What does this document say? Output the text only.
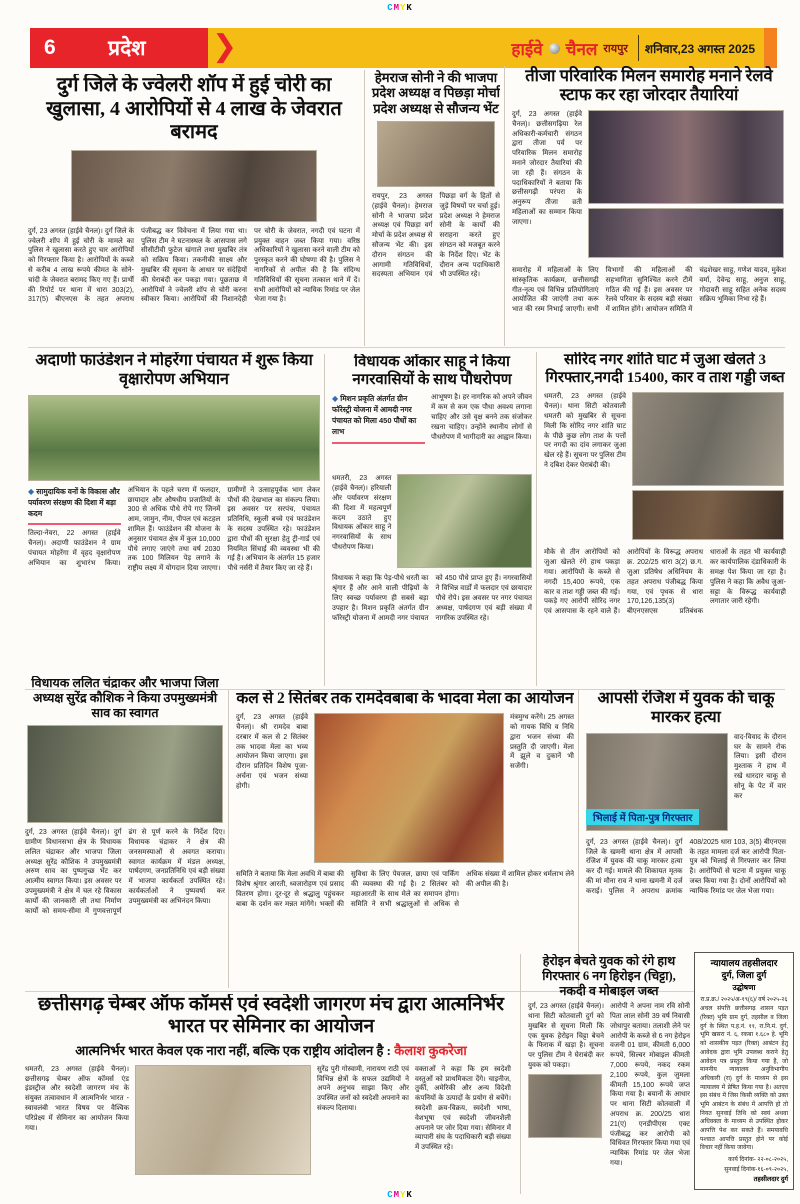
CMYK
6 प्रदेश	❯	हाईवे चैनल रायपुर शनिवार,23 अगस्त 2025
दुर्ग जिले के ज्वेलरी शॉप में हुई चोरी का खुलासा, 4 आरोपियों से 4 लाख के जेवरात बरामद
दुर्ग, 23 अगस्त (हाईवे चैनल)। दुर्ग जिले के ज्वेलरी शॉप में हुई चोरी के मामले का पुलिस ने खुलासा करते हुए चार आरोपियों को गिरफ्तार किया है। आरोपियों के कब्जे से करीब 4 लाख रूपये कीमत के सोने-चांदी के जेवरात बरामद किए गए हैं। प्रार्थी की रिपोर्ट पर थाना में धारा 303(2), 317(5) बीएनएस के तहत अपराध पंजीबद्ध कर विवेचना में लिया गया था। पुलिस टीम ने घटनास्थल के आसपास लगे सीसीटीवी फुटेज खंगाले तथा मुखबिर तंत्र को सक्रिय किया। तकनीकी साक्ष्य और मुखबिर की सूचना के आधार पर संदेहियों की घेराबंदी कर पकड़ा गया। पूछताछ में आरोपियों ने ज्वेलरी शॉप से चोरी करना स्वीकार किया। आरोपियों की निशानदेही पर चोरी के जेवरात, नगदी एवं घटना में प्रयुक्त वाहन जब्त किया गया। वरिष्ठ अधिकारियों ने खुलासा करने वाली टीम को पुरस्कृत करने की घोषणा की है। पुलिस ने नागरिकों से अपील की है कि संदिग्ध गतिविधियों की सूचना तत्काल थाने में दें। सभी आरोपियों को न्यायिक रिमांड पर जेल भेजा गया है।
हेमराज सोनी ने की भाजपा प्रदेश अध्यक्ष व पिछड़ा मोर्चा प्रदेश अध्यक्ष से सौजन्य भेंट
रायपुर, 23 अगस्त (हाईवे चैनल)। हेमराज सोनी ने भाजपा प्रदेश अध्यक्ष एवं पिछड़ा वर्ग मोर्चा के प्रदेश अध्यक्ष से सौजन्य भेंट की। इस दौरान संगठन की आगामी गतिविधियों, सदस्यता अभियान एवं पिछड़ा वर्ग के हितों से जुड़े विषयों पर चर्चा हुई। प्रदेश अध्यक्ष ने हेमराज सोनी के कार्यों की सराहना करते हुए संगठन को मजबूत करने के निर्देश दिए। भेंट के दौरान अन्य पदाधिकारी भी उपस्थित रहे।
तीजा परिवारिक मिलन समारोह मनाने रेलवे स्टाफ कर रहा जोरदार तैयारियां
दुर्ग, 23 अगस्त (हाईवे चैनल)। छत्तीसगढ़िया रेल अधिकारी-कर्मचारी संगठन द्वारा तीजा पर्व पर परिवारिक मिलन समारोह मनाने जोरदार तैयारियां की जा रही हैं। संगठन के पदाधिकारियों ने बताया कि छत्तीसगढ़ी परंपरा के अनुरूप तीजा व्रती महिलाओं का सम्मान किया जाएगा।
समारोह में महिलाओं के लिए सांस्कृतिक कार्यक्रम, छत्तीसगढ़ी गीत-नृत्य एवं विभिन्न प्रतियोगिताएं आयोजित की जाएंगी तथा करू भात की रस्म निभाई जाएगी। सभी विभागों की महिलाओं की सहभागिता सुनिश्चित करने टीमें गठित की गई हैं। इस अवसर पर रेलवे परिवार के सदस्य बड़ी संख्या में शामिल होंगे। आयोजन समिति में चंद्रशेखर साहू, गणेश यादव, मुकेश वर्मा, देवेन्द्र साहू, अनुज साहू, गोदावरी साहू सहित अनेक सदस्य सक्रिय भूमिका निभा रहे हैं।
अदाणी फाउंडेशन ने मोहरेंगा पंचायत में शुरू किया वृक्षारोपण अभियान
◆ सामुदायिक वनों के विकास और पर्यावरण संरक्षण की दिशा में बड़ा कदम
तिल्दा-नेवरा, 22 अगस्त (हाईवे चैनल)। अदाणी फाउंडेशन ने ग्राम पंचायत मोहरेंगा में वृहद वृक्षारोपण अभियान का शुभारंभ किया। अभियान के पहले चरण में फलदार, छायादार और औषधीय प्रजातियों के 300 से अधिक पौधे रोपे गए जिनमें आम, जामुन, नीम, पीपल एवं कटहल शामिल हैं। फाउंडेशन की योजना के अनुसार पंचायत क्षेत्र में कुल 10,000 पौधे लगाए जाएंगे तथा वर्ष 2030 तक 100 मिलियन पेड़ लगाने के राष्ट्रीय लक्ष्य में योगदान दिया जाएगा। ग्रामीणों ने उत्साहपूर्वक भाग लेकर पौधों की देखभाल का संकल्प लिया। इस अवसर पर सरपंच, पंचायत प्रतिनिधि, स्कूली बच्चे एवं फाउंडेशन के सदस्य उपस्थित रहे। फाउंडेशन द्वारा पौधों की सुरक्षा हेतु ट्री-गार्ड एवं नियमित सिंचाई की व्यवस्था भी की गई है। अभियान के अंतर्गत 15 हजार पौधे नर्सरी में तैयार किए जा रहे हैं।
विधायक ओंकार साहू ने किया नगरवासियों के साथ पौधरोपण
◆ मिशन प्रकृति अंतर्गत ग्रीन फॉरेस्ट्री योजना में आमदी नगर पंचायत को मिला 450 पौधों का लाभ
आभूषण है। हर नागरिक को अपने जीवन में कम से कम एक पौधा अवश्य लगाना चाहिए और उसे वृक्ष बनने तक संजोकर रखना चाहिए। उन्होंने स्थानीय लोगों से पौधरोपण में भागीदारी का आह्वान किया।
धमतरी, 23 अगस्त (हाईवे चैनल)। हरियाली और पर्यावरण संरक्षण की दिशा में महत्वपूर्ण कदम उठाते हुए विधायक ओंकार साहू ने नगरवासियों के साथ पौधरोपण किया।
विधायक ने कहा कि पेड़-पौधे धरती का श्रृंगार हैं और आने वाली पीढ़ियों के लिए स्वच्छ पर्यावरण ही सबसे बड़ा उपहार है। मिशन प्रकृति अंतर्गत ग्रीन फॉरेस्ट्री योजना में आमदी नगर पंचायत को 450 पौधे प्राप्त हुए हैं। नगरवासियों ने विभिन्न वार्डों में फलदार एवं छायादार पौधे रोपे। इस अवसर पर नगर पंचायत अध्यक्ष, पार्षदगण एवं बड़ी संख्या में नागरिक उपस्थित रहे।
सोरिद नगर शांति घाट में जुआ खेलते 3 गिरफ्तार,नगदी 15400, कार व ताश गड्डी जब्त
धमतरी, 23 अगस्त (हाईवे चैनल)। थाना सिटी कोतवाली धमतरी को मुखबिर से सूचना मिली कि सोरिद नगर शांति घाट के पीछे कुछ लोग ताश के पत्तों पर नगदी का दांव लगाकर जुआ खेल रहे हैं। सूचना पर पुलिस टीम ने दबिश देकर घेराबंदी की।
मौके से तीन आरोपियों को जुआ खेलते रंगे हाथ पकड़ा गया। आरोपियों के कब्जे से नगदी 15,400 रूपये, एक कार व ताश गड्डी जब्त की गई। पकड़े गए आरोपी सोरिद नगर एवं आसपास के रहने वाले हैं। आरोपियों के विरूद्ध अपराध क्र. 202/25 धारा 3(2) छ.ग. जुआ प्रतिषेध अधिनियम के तहत अपराध पंजीबद्ध किया गया, एवं पृथक से धारा 170,126,135(3) बीएनएसएस प्रतिबंधक धाराओं के तहत भी कार्यवाही कर कार्यपालिक दंडाधिकारी के समक्ष पेश किया जा रहा है। पुलिस ने कहा कि अवैध जुआ-सट्टा के विरूद्ध कार्यवाही लगातार जारी रहेगी।
विधायक ललित चंद्राकर और भाजपा जिला अध्यक्ष सुरेंद्र कौशिक ने किया उपमुख्यमंत्री साव का स्वागत
दुर्ग, 23 अगस्त (हाईवे चैनल)। दुर्ग ग्रामीण विधानसभा क्षेत्र के विधायक ललित चंद्राकर और भाजपा जिला अध्यक्ष सुरेंद्र कौशिक ने उपमुख्यमंत्री अरुण साव का पुष्पगुच्छ भेंट कर आत्मीय स्वागत किया। इस अवसर पर उपमुख्यमंत्री ने क्षेत्र में चल रहे विकास कार्यों की जानकारी ली तथा निर्माण कार्यों को समय-सीमा में गुणवत्तापूर्ण ढंग से पूर्ण करने के निर्देश दिए। विधायक चंद्राकर ने क्षेत्र की जनसमस्याओं से अवगत कराया। स्वागत कार्यक्रम में मंडल अध्यक्ष, पार्षदगण, जनप्रतिनिधि एवं बड़ी संख्या में भाजपा कार्यकर्ता उपस्थित रहे। कार्यकर्ताओं ने पुष्पवर्षा कर उपमुख्यमंत्री का अभिनंदन किया।
कल से 2 सितंबर तक रामदेवबाबा के भादवा मेला का आयोजन
दुर्ग, 23 अगस्त (हाईवे चैनल)। श्री रामदेव बाबा दरबार में कल से 2 सितंबर तक भादवा मेला का भव्य आयोजन किया जाएगा। इस दौरान प्रतिदिन विशेष पूजा-अर्चना एवं भजन संध्या होगी।
मंत्रमुग्ध करेंगे। 25 अगस्त को गायक विधि व निधि द्वारा भजन संध्या की प्रस्तुति दी जाएगी। मेला में झूले व दुकानें भी सजेंगी।
समिति ने बताया कि मेला अवधि में बाबा की विशेष श्रृंगार आरती, ध्वजारोहण एवं प्रसाद वितरण होगा। दूर-दूर से श्रद्धालु पहुंचकर बाबा के दर्शन कर मन्नत मांगेंगे। भक्तों की सुविधा के लिए पेयजल, छाया एवं पार्किंग की व्यवस्था की गई है। 2 सितंबर को महाआरती के साथ मेले का समापन होगा। समिति ने सभी श्रद्धालुओं से अधिक से अधिक संख्या में शामिल होकर धर्मलाभ लेने की अपील की है।
आपसी रंजिश में युवक की चाकू मारकर हत्या
भिलाई में पिता-पुत्र गिरफ्तार
वाद-विवाद के दौरान घर के सामने रोक लिया। इसी दौरान मुश्ताक ने हाथ में रखे धारदार चाकू से सोनू के पेट में वार कर
दुर्ग, 23 अगस्त (हाईवे चैनल)। दुर्ग जिले के खमनी थाना क्षेत्र में आपसी रंजिश में युवक की चाकू मारकर हत्या कर दी गई। मामले की शिकायत मृतक की मां मौना राव ने थाना खमनी में दर्ज कराई। पुलिस ने अपराध क्रमांक 408/2025 धारा 103, 3(5) बीएनएस के तहत मामला दर्ज कर आरोपी पिता-पुत्र को भिलाई से गिरफ्तार कर लिया है। आरोपियों से घटना में प्रयुक्त चाकू जब्त किया गया है। दोनों आरोपियों को न्यायिक रिमांड पर जेल भेजा गया।
छत्तीसगढ़ चेम्बर ऑफ कॉमर्स एवं स्वदेशी जागरण मंच द्वारा आत्मनिर्भर भारत पर सेमिनार का आयोजन
आत्मनिर्भर भारत केवल एक नारा नहीं, बल्कि एक राष्ट्रीय आंदोलन है : कैलाश कुकरेजा
धमतरी, 23 अगस्त (हाईवे चैनल)। छत्तीसगढ़ चेम्बर ऑफ कॉमर्स एंड इंडस्ट्रीज और स्वदेशी जागरण मंच के संयुक्त तत्वावधान में आत्मनिर्भर भारत - स्वावलंबी भारत विषय पर वैश्विक परिप्रेक्ष्य में सेमिनार का आयोजन किया गया।
सुरेंद्र पुरी गोस्वामी, नारायण राठी एवं विभिन्न क्षेत्रों के सफल उद्यमियों ने अपने अनुभव साझा किए और उपस्थित जनों को स्वदेशी अपनाने का संकल्प दिलाया।
वक्ताओं ने कहा कि हम स्वदेशी वस्तुओं को प्राथमिकता देंगे। चाइनीज, तुर्की, अमेरिकी और अन्य विदेशी कंपनियों के उत्पादों के प्रयोग से बचेंगे। स्वदेशी क्रय-विक्रय, स्वदेशी भाषा, वेशभूषा एवं स्वदेशी जीवनशैली अपनाने पर जोर दिया गया। सेमिनार में व्यापारी संघ के पदाधिकारी बड़ी संख्या में उपस्थित रहे।
हेरोइन बेचते युवक को रंगे हाथ गिरफ्तार 6 नग हिरोइन (चिट्टा), नकदी व मोबाइल जब्त
दुर्ग, 23 अगस्त (हाईवे चैनल)। थाना सिटी कोतवाली दुर्ग को मुखबिर से सूचना मिली कि एक युवक हेरोइन चिट्टा बेचने के फिराक में खड़ा है। सूचना पर पुलिस टीम ने घेराबंदी कर युवक को पकड़ा।
आरोपी ने अपना नाम रवि सोनी पिता लाल सोनी 39 वर्ष निवासी जोधापुर बताया। तलाशी लेने पर आरोपी के कब्जे से 6 नग हेरोइन वजनी 01 ग्राम, कीमती 6,000 रूपये, सिल्वर मोबाइल कीमती 7,000 रूपये, नकद रकम 2,100 रूपये, कुल जुमला कीमती 15,100 रूपये जप्त किया गया है। बयानों के आधार पर थाना सिटी कोतवाली में अपराध क्र. 200/25 धारा 21(ए) एनडीपीएस एक्ट पंजीबद्ध कर आरोपी को विधिवत गिरफ्तार किया गया एवं न्यायिक रिमांड पर जेल भेजा गया।
न्यायालय तहसीलदार
दुर्ग, जिला दुर्ग
उद्घोषणा
रा.प्र.क्र./ २०२५/अ-१९(६)/ वर्ष २०२५-२६
अचल संपत्ति छत्तीसगढ़ शासन पड़त (रिक्त) भूमि ग्राम दुर्ग, तहसील व जिला दुर्ग के स्थित प.ह.नं. ११, रा.नि.मं. दुर्ग, भूमि खसरा नं. ६, रकबा १.६८० हे. भूमि को शासकीय पड़त (रिक्त) आबंटन हेतु आवेदक द्वारा भूमि उपलब्ध कराने हेतु आवेदन पत्र प्रस्तुत किया गया है, जो माननीय न्यायालय अनुविभागीय अधिकारी (रा) दुर्ग के माध्यम से इस न्यायालय में प्रेषित किया गया है। अतएव इस संबंध में जिस किसी व्यक्ति को उक्त भूमि आबंटन के संबंध में आपत्ति हो तो नियत सुनवाई तिथि को स्वयं अथवा अधिवक्ता के माध्यम से उपस्थित होकर आपत्ति पेश कर सकते हैं। समयावधि पश्चात आपत्ति प्रस्तुत होने पर कोई विचार नहीं किया जावेगा।
कार्य दिनांक- २२-०८-२०२५,
सुनवाई दिनांक-१६-०९-२०२५,
तहसीलदार दुर्ग
CMYK
